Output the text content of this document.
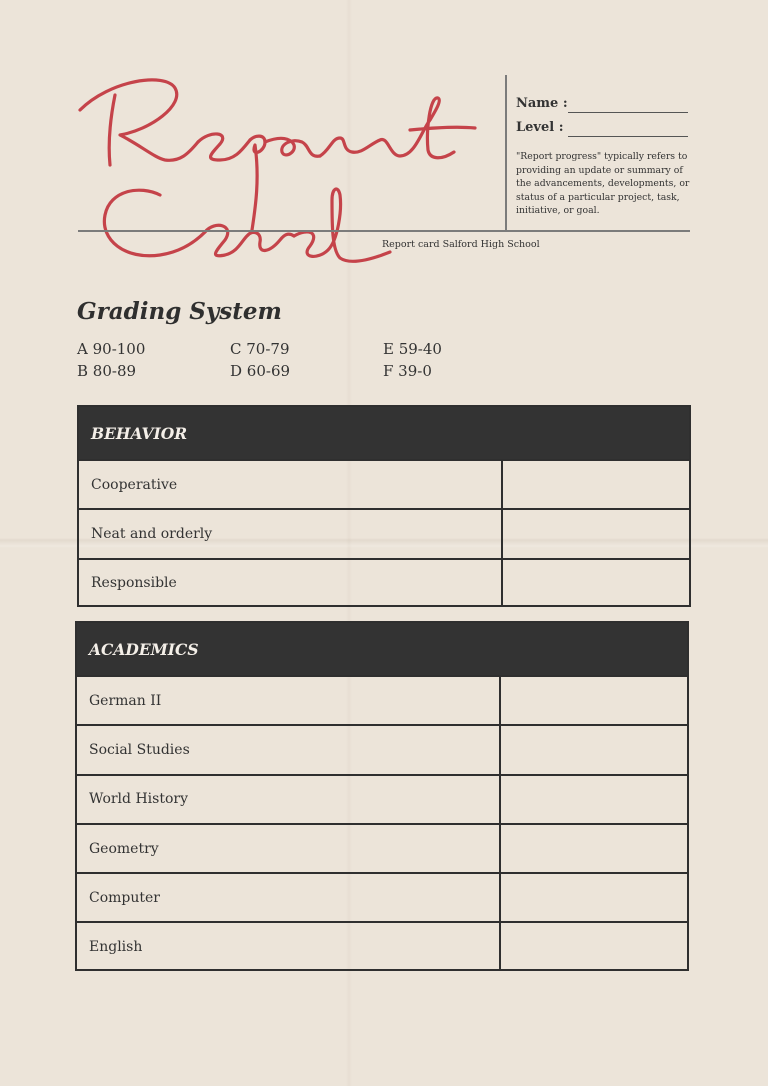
Name :
Level :
"Report progress" typically refers to providing an update or summary of the advancements, developments, or status of a particular project, task, initiative, or goal.
Report card Salford High School
Grading System
A 90-100
B 80-89
C 70-79
D 60-69
E 59-40
F 39-0
BEHAVIOR
Cooperative
Neat and orderly
Responsible
ACADEMICS
German II
Social Studies
World History
Geometry
Computer
English
